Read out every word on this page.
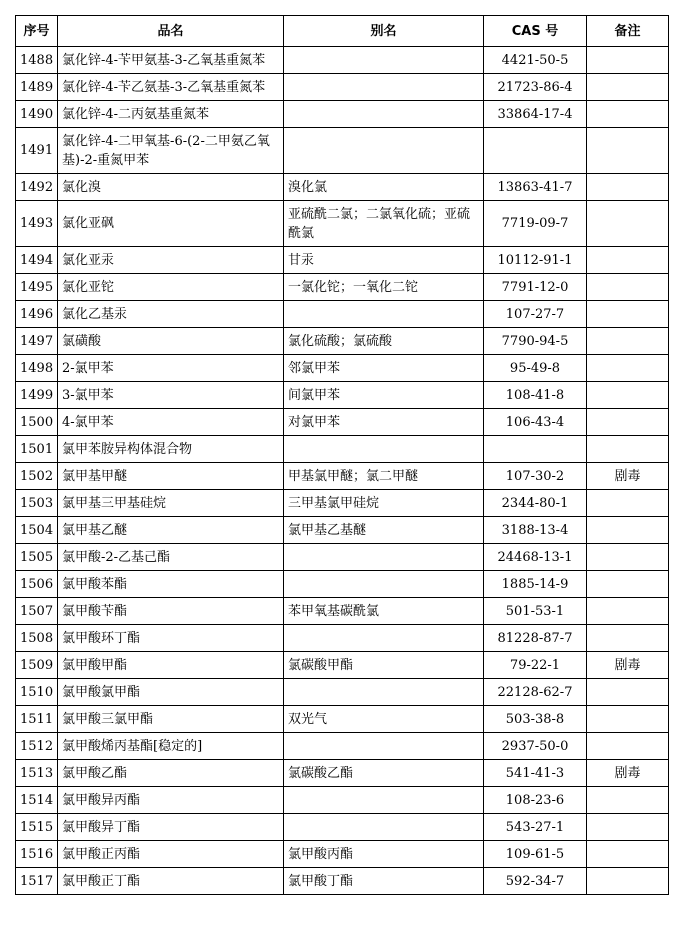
序号	品名	别名	CAS 号	备注
1488	氯化锌-4-苄甲氨基-3-乙氧基重氮苯		4421-50-5	
1489	氯化锌-4-苄乙氨基-3-乙氧基重氮苯		21723-86-4	
1490	氯化锌-4-二丙氨基重氮苯		33864-17-4	
1491	氯化锌-4-二甲氧基-6-(2-二甲氨乙氧基)-2-重氮甲苯			
1492	氯化溴	溴化氯	13863-41-7	
1493	氯化亚砜	亚硫酰二氯；二氯氧化硫；亚硫酰氯	7719-09-7	
1494	氯化亚汞	甘汞	10112-91-1	
1495	氯化亚铊	一氯化铊；一氧化二铊	7791-12-0	
1496	氯化乙基汞		107-27-7	
1497	氯磺酸	氯化硫酸；氯硫酸	7790-94-5	
1498	2-氯甲苯	邻氯甲苯	95-49-8	
1499	3-氯甲苯	间氯甲苯	108-41-8	
1500	4-氯甲苯	对氯甲苯	106-43-4	
1501	氯甲苯胺异构体混合物			
1502	氯甲基甲醚	甲基氯甲醚；氯二甲醚	107-30-2	剧毒
1503	氯甲基三甲基硅烷	三甲基氯甲硅烷	2344-80-1	
1504	氯甲基乙醚	氯甲基乙基醚	3188-13-4	
1505	氯甲酸-2-乙基己酯		24468-13-1	
1506	氯甲酸苯酯		1885-14-9	
1507	氯甲酸苄酯	苯甲氧基碳酰氯	501-53-1	
1508	氯甲酸环丁酯		81228-87-7	
1509	氯甲酸甲酯	氯碳酸甲酯	79-22-1	剧毒
1510	氯甲酸氯甲酯		22128-62-7	
1511	氯甲酸三氯甲酯	双光气	503-38-8	
1512	氯甲酸烯丙基酯[稳定的]		2937-50-0	
1513	氯甲酸乙酯	氯碳酸乙酯	541-41-3	剧毒
1514	氯甲酸异丙酯		108-23-6	
1515	氯甲酸异丁酯		543-27-1	
1516	氯甲酸正丙酯	氯甲酸丙酯	109-61-5	
1517	氯甲酸正丁酯	氯甲酸丁酯	592-34-7	
